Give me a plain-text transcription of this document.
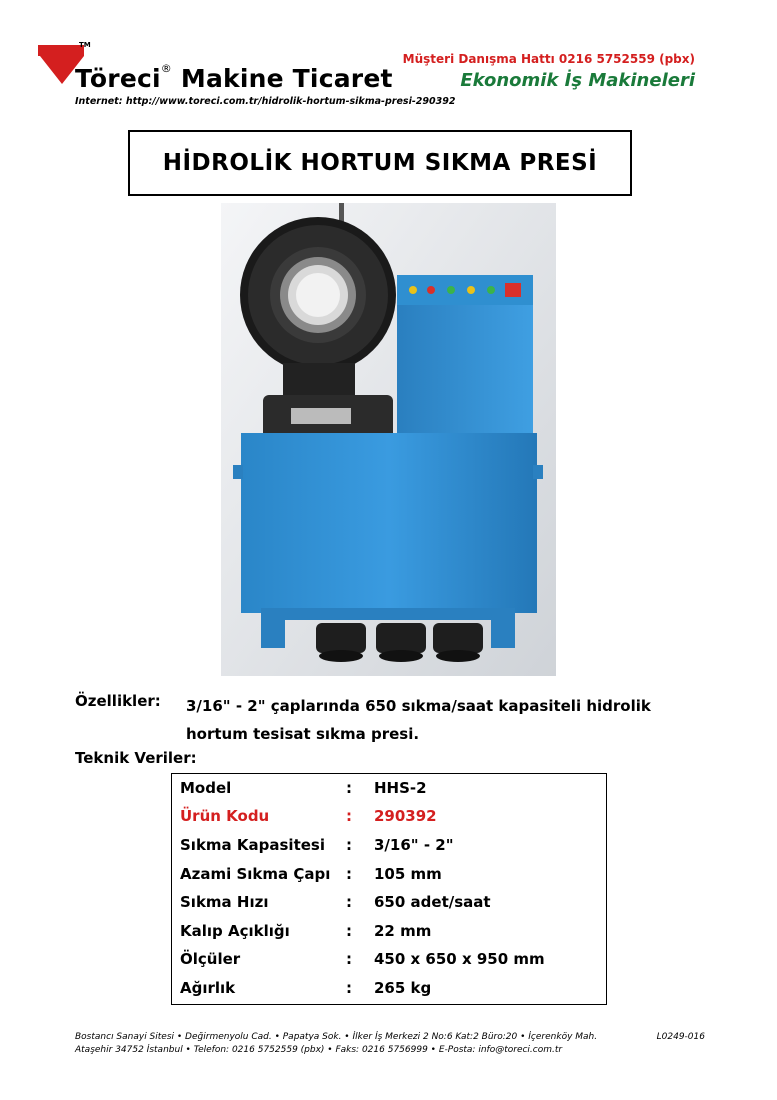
TM
Töreci® Makine Ticaret
Müşteri Danışma Hattı 0216 5752559 (pbx)
Ekonomik İş Makineleri
Internet: http://www.toreci.com.tr/hidrolik-hortum-sikma-presi-290392
HİDROLİK HORTUM SIKMA PRESİ
Özellikler: 3/16" - 2" çaplarında 650 sıkma/saat kapasiteli hidrolik hortum tesisat sıkma presi.
Teknik Veriler:
Model	:	HHS-2
Ürün Kodu	:	290392
Sıkma Kapasitesi	:	3/16" - 2"
Azami Sıkma Çapı	:	105 mm
Sıkma Hızı	:	650 adet/saat
Kalıp Açıklığı	:	22 mm
Ölçüler	:	450 x 650 x 950 mm
Ağırlık	:	265 kg
Bostancı Sanayi Sitesi • Değirmenyolu Cad. • Papatya Sok. • İlker İş Merkezi 2 No:6 Kat:2 Büro:20 • İçerenköy Mah.
Ataşehir 34752 İstanbul • Telefon: 0216 5752559 (pbx) • Faks: 0216 5756999 • E-Posta: info@toreci.com.tr
L0249-016
